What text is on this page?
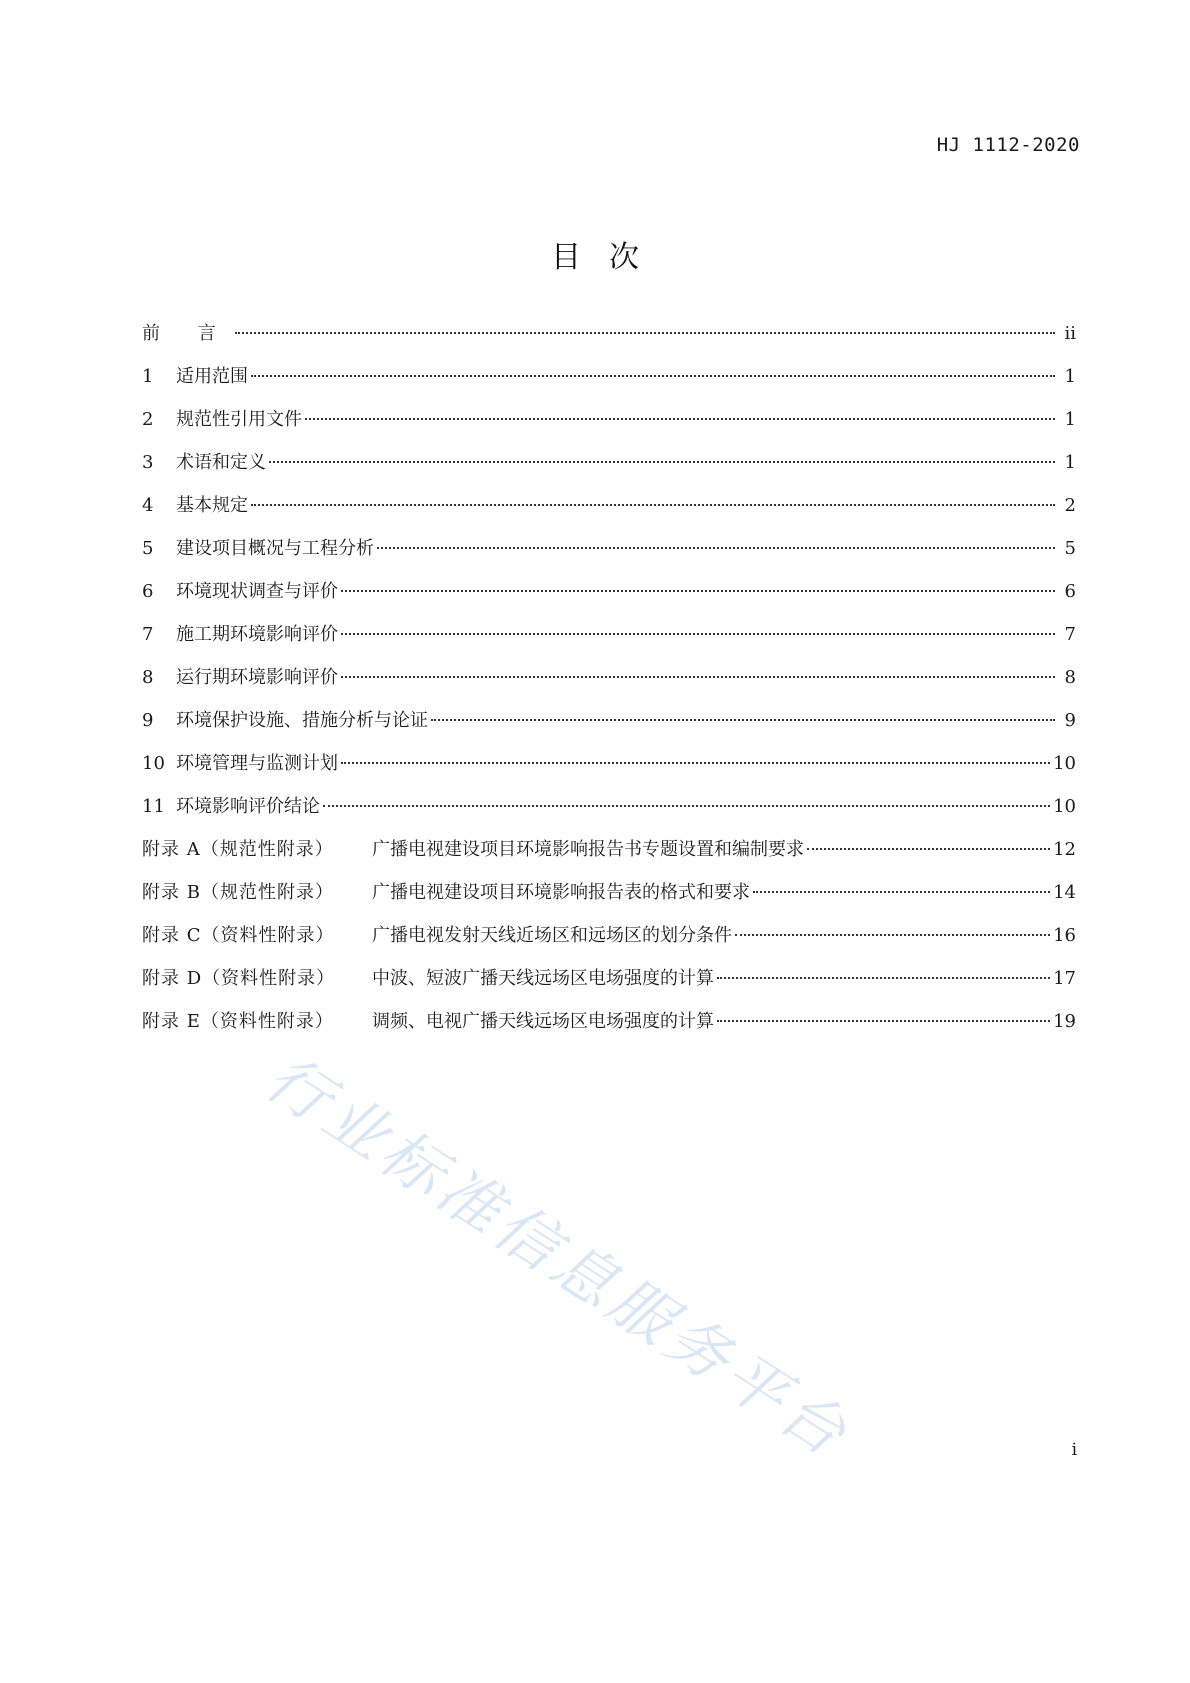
HJ 1112-2020
目次
前 言	ii
1	适用范围	1
2	规范性引用文件	1
3	术语和定义	1
4	基本规定	2
5	建设项目概况与工程分析	5
6	环境现状调查与评价	6
7	施工期环境影响评价	7
8	运行期环境影响评价	8
9	环境保护设施、措施分析与论证	9
10 环境管理与监测计划	10
11 环境影响评价结论	10
附录 A（规范性附录）	广播电视建设项目环境影响报告书专题设置和编制要求	12
附录 B（规范性附录）	广播电视建设项目环境影响报告表的格式和要求	14
附录 C（资料性附录）	广播电视发射天线近场区和远场区的划分条件	16
附录 D（资料性附录）	中波、短波广播天线远场区电场强度的计算	17
附录 E（资料性附录）	调频、电视广播天线远场区电场强度的计算	19
行业标准信息服务平台	i
